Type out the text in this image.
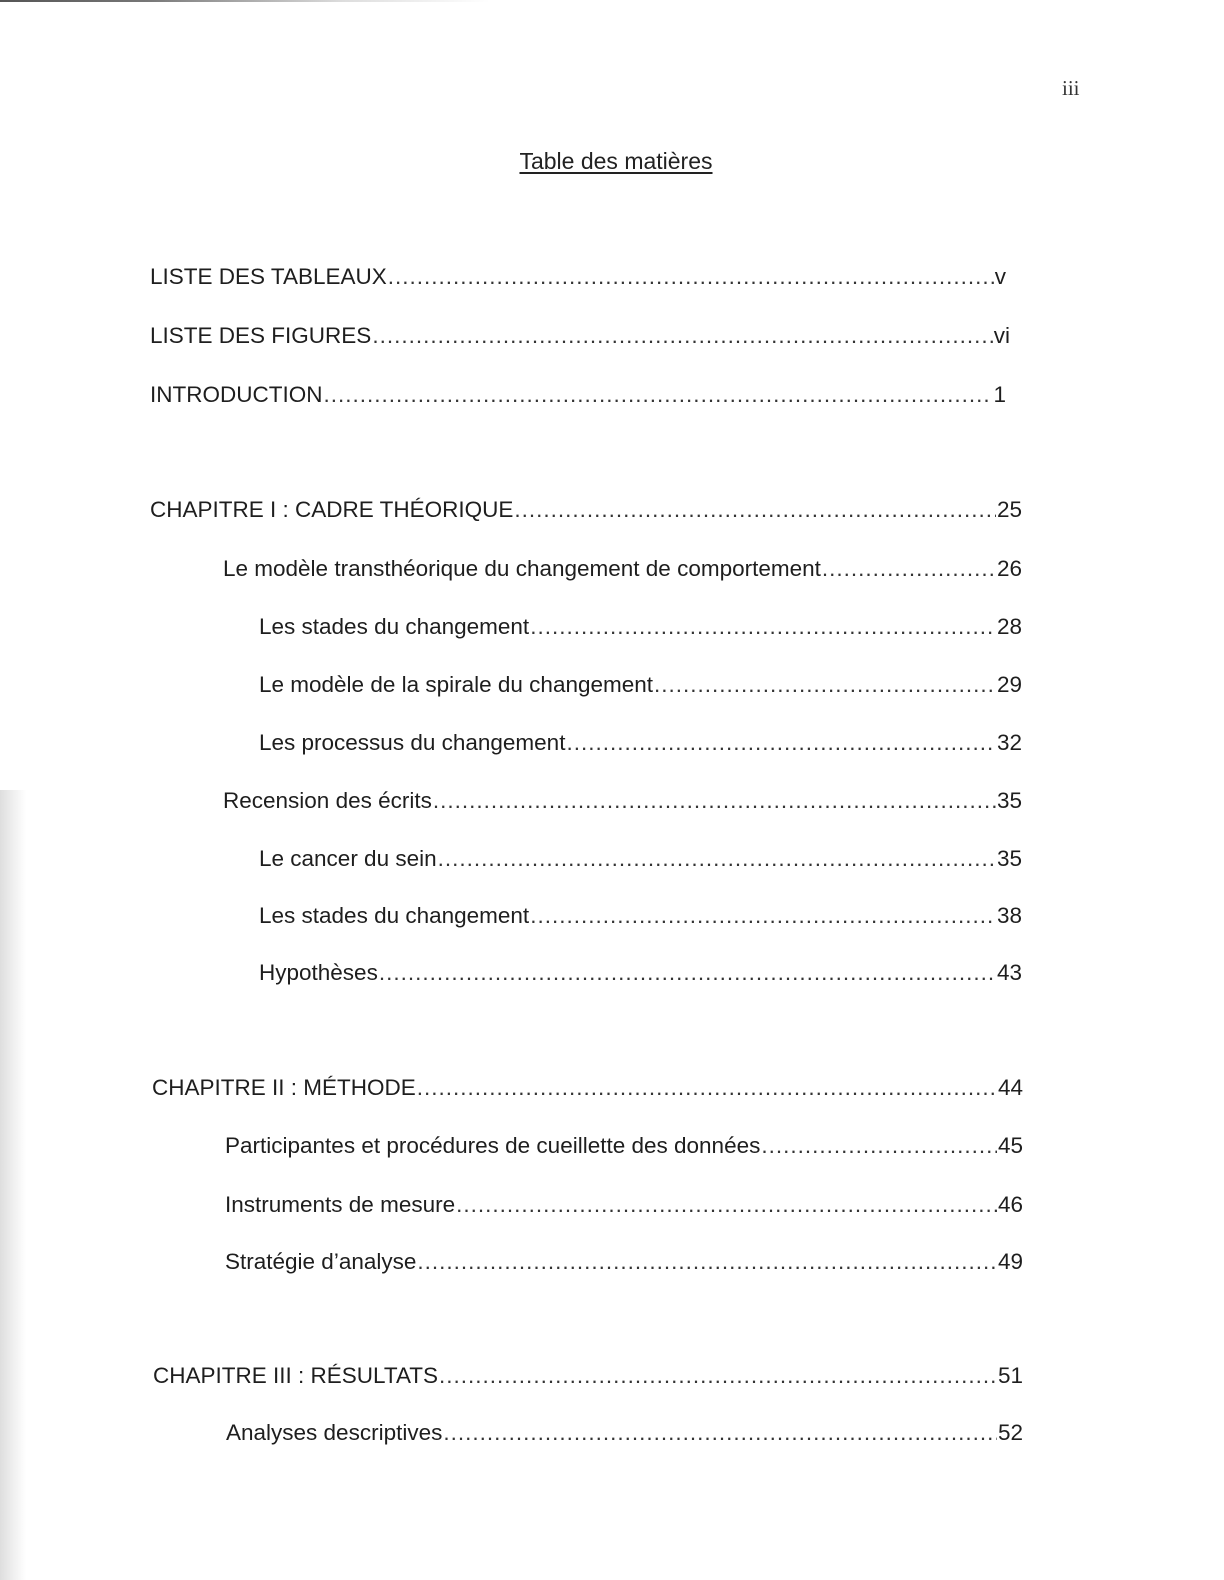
iii
Table des matières
LISTE DES TABLEAUX .....	v
LISTE DES FIGURES .....	vi
INTRODUCTION .....	1
CHAPITRE I : CADRE THÉORIQUE .....	25
Le modèle transthéorique du changement de comportement .....	26
Les stades du changement .....	28
Le modèle de la spirale du changement .....	29
Les processus du changement .....	32
Recension des écrits .....	35
Le cancer du sein .....	35
Les stades du changement .....	38
Hypothèses .....	43
CHAPITRE II : MÉTHODE .....	44
Participantes et procédures de cueillette des données .....	45
Instruments de mesure .....	46
Stratégie d’analyse .....	49
CHAPITRE III : RÉSULTATS .....	51
Analyses descriptives .....	52
